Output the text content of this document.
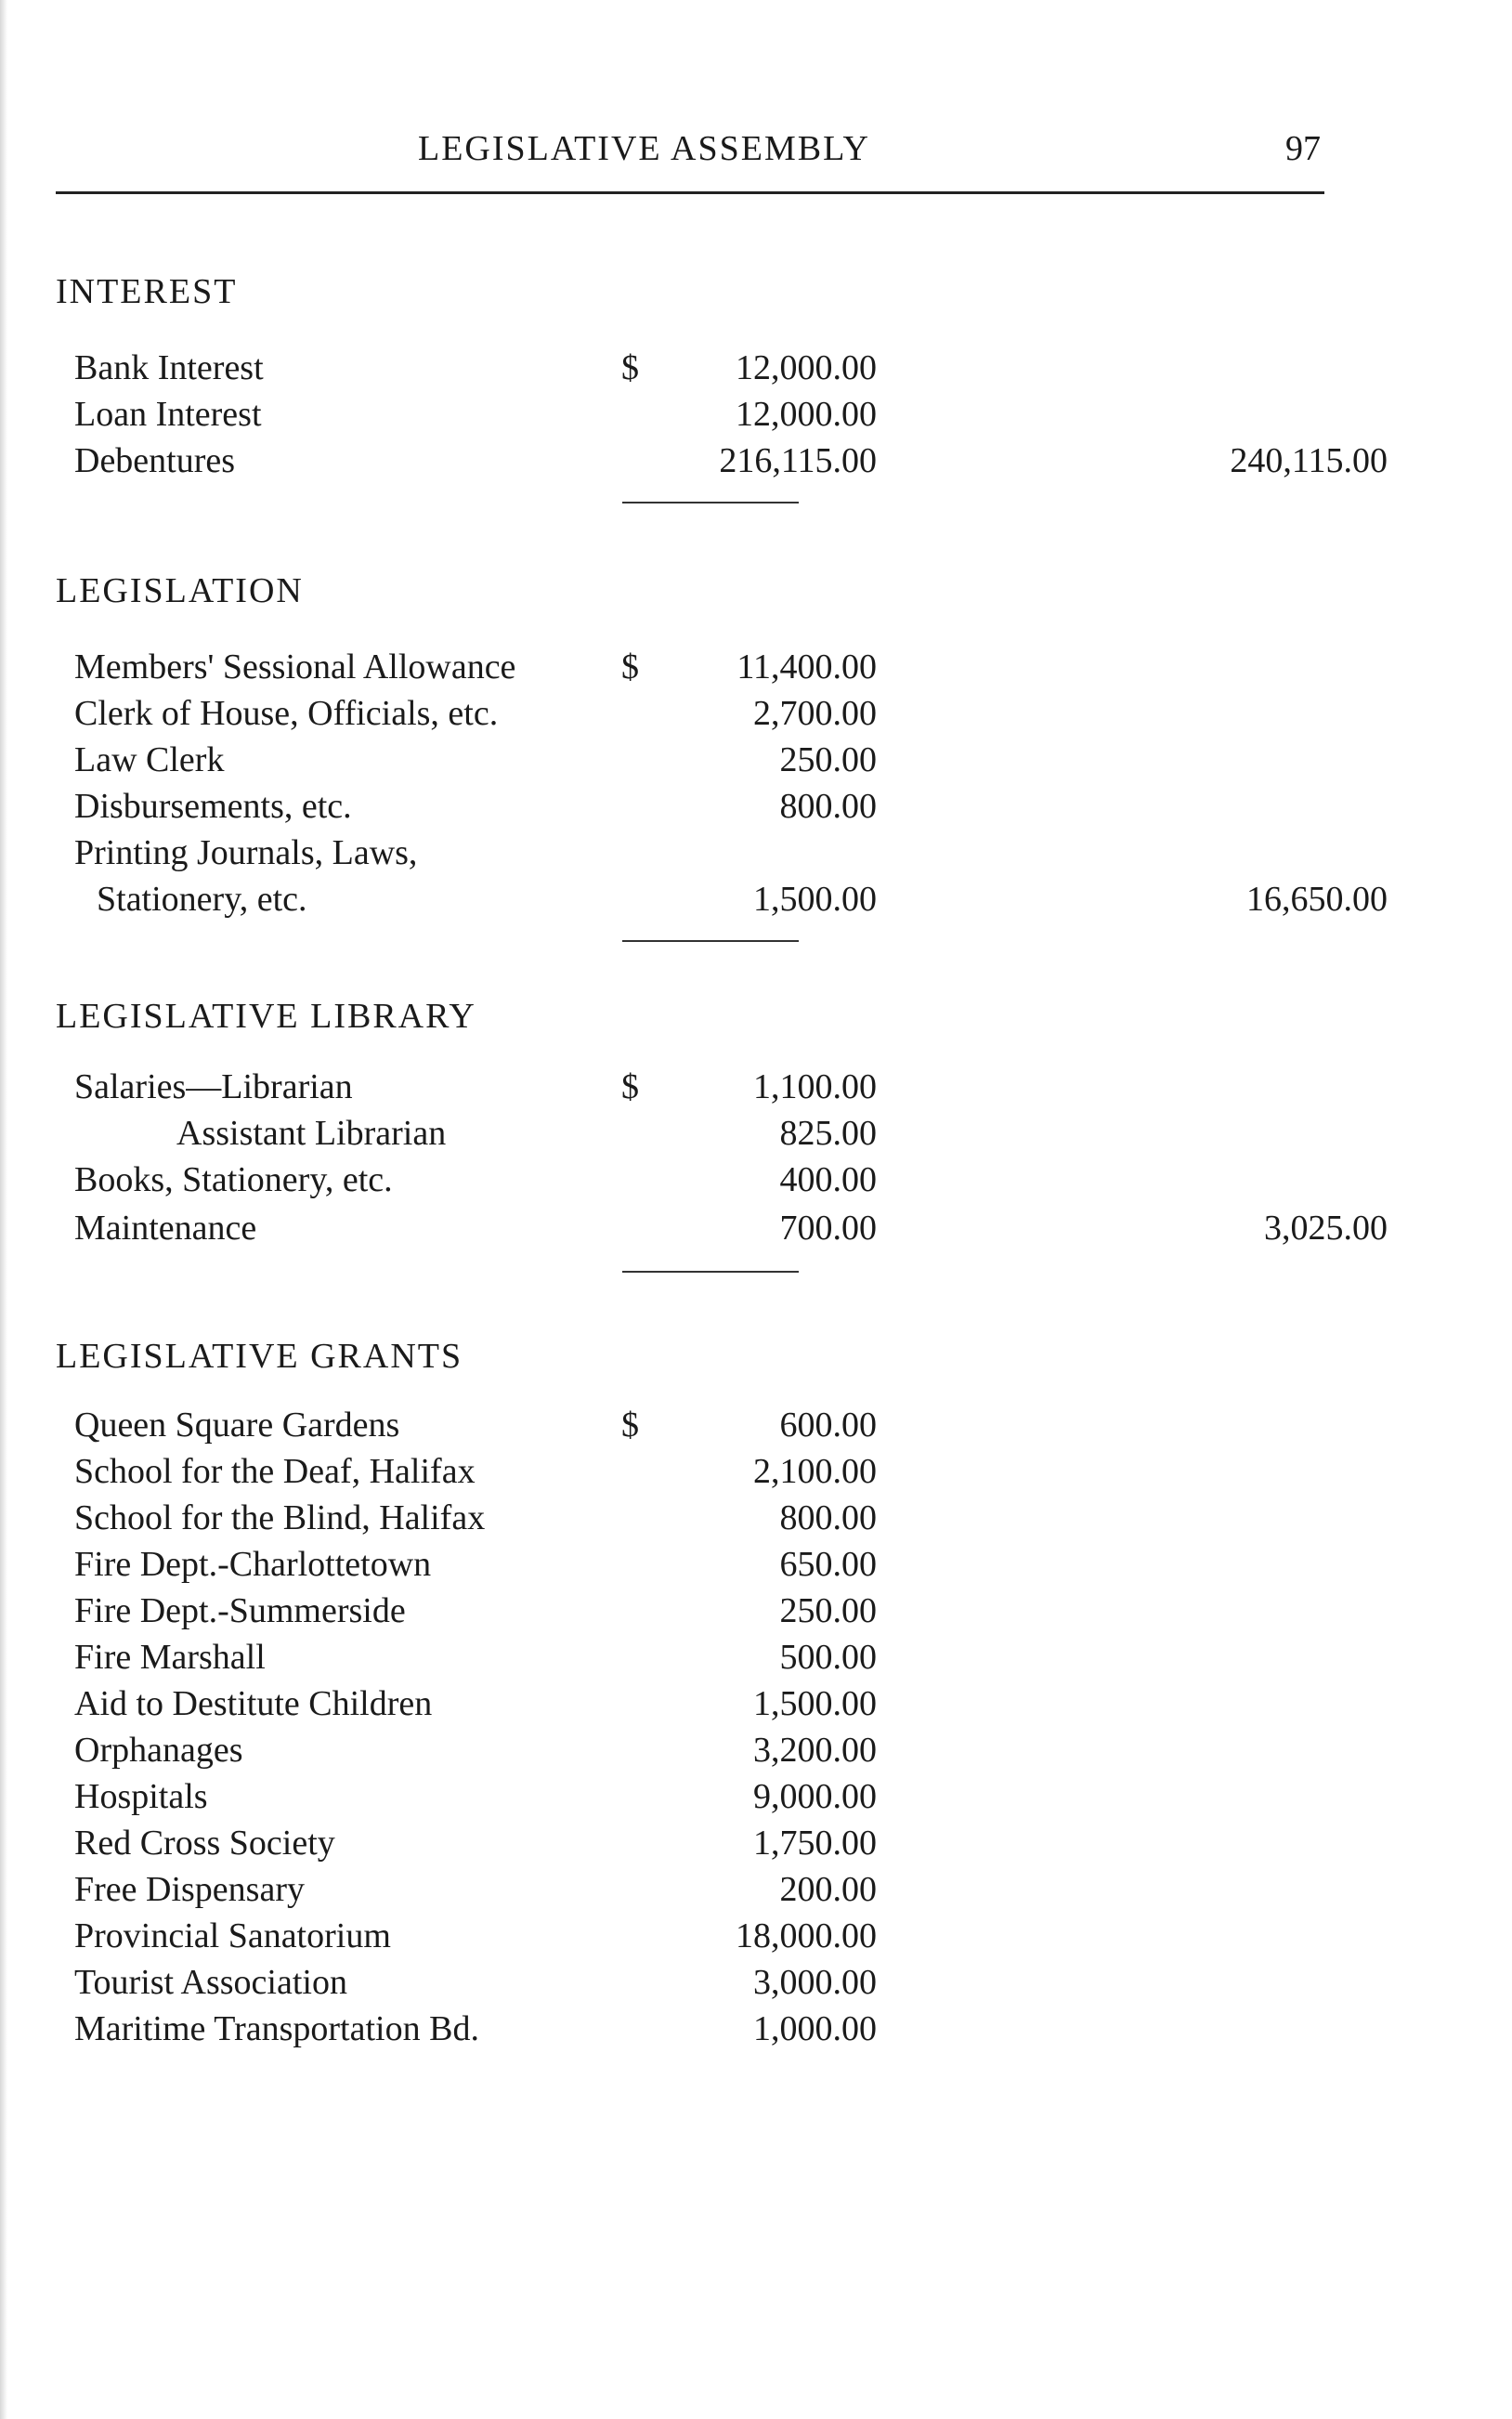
LEGISLATIVE ASSEMBLY	97
INTEREST
Bank Interest	$	12,000.00
Loan Interest	12,000.00
Debentures	216,115.00	240,115.00
LEGISLATION
Members' Sessional Allowance	$	11,400.00
Clerk of House, Officials, etc.	2,700.00
Law Clerk	250.00
Disbursements, etc.	800.00
Printing Journals, Laws,
Stationery, etc.	1,500.00	16,650.00
LEGISLATIVE LIBRARY
Salaries—Librarian	$	1,100.00
Assistant Librarian	825.00
Books, Stationery, etc.	400.00
Maintenance	700.00	3,025.00
LEGISLATIVE GRANTS
Queen Square Gardens	$	600.00
School for the Deaf, Halifax	2,100.00
School for the Blind, Halifax	800.00
Fire Dept.-Charlottetown	650.00
Fire Dept.-Summerside	250.00
Fire Marshall	500.00
Aid to Destitute Children	1,500.00
Orphanages	3,200.00
Hospitals	9,000.00
Red Cross Society	1,750.00
Free Dispensary	200.00
Provincial Sanatorium	18,000.00
Tourist Association	3,000.00
Maritime Transportation Bd.	1,000.00
